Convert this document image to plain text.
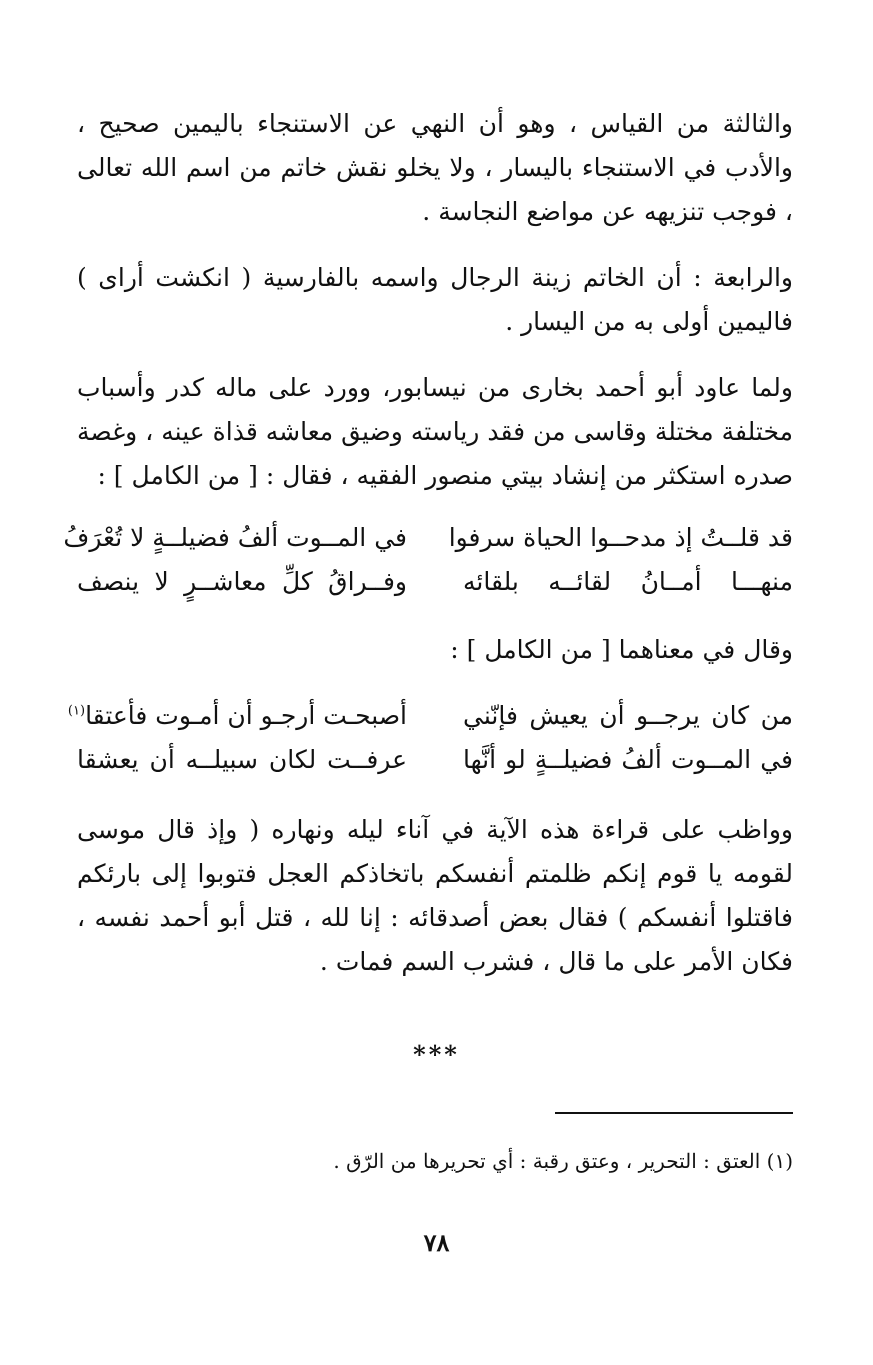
والثالثة من القياس ، وهو أن النهي عن الاستنجاء باليمين صحيح ، والأدب في الاستنجاء باليسار ، ولا يخلو نقش خاتم من اسم الله تعالى ، فوجب تنزيهه عن مواضع النجاسة .

والرابعة : أن الخاتم زينة الرجال واسمه بالفارسية ( انكشت أراى ) فاليمين أولى به من اليسار .

ولما عاود أبو أحمد بخارى من نيسابور، وورد على ماله كدر وأسباب مختلفة مختلة وقاسى من فقد رياسته وضيق معاشه قذاة عينه ، وغصة صدره استكثر من إنشاد بيتي منصور الفقيه ، فقال : [ من الكامل ] :

قد قلــتُ إذ مدحــوا الحياة سرفوا
في المــوت ألفُ فضيلــةٍ لا تُعْرَفُ
منهـــا أمــانُ لقائــه بلقائه
وفــراقُ كلِّ معاشــرٍ لا ينصف

وقال في معناهما [ من الكامل ] :

من كان يرجــو أن يعيش فإنّني
أصبحـت أرجـو أن أمـوت فأعتقا$^{(١)}$
في المــوت ألفُ فضيلــةٍ لو أنَّها
عرفــت لكان سبيلــه أن يعشقا

وواظب على قراءة هذه الآية في آناء ليله ونهاره ( وإذ قال موسى لقومه يا قوم إنكم ظلمتم أنفسكم باتخاذكم العجل فتوبوا إلى بارئكم فاقتلوا أنفسكم ) فقال بعض أصدقائه : إنا لله ، قتل أبو أحمد نفسه ، فكان الأمر على ما قال ، فشرب السم فمات .

***

(١) العتق : التحرير ، وعتق رقبة : أي تحريرها من الرّق .

٧٨
